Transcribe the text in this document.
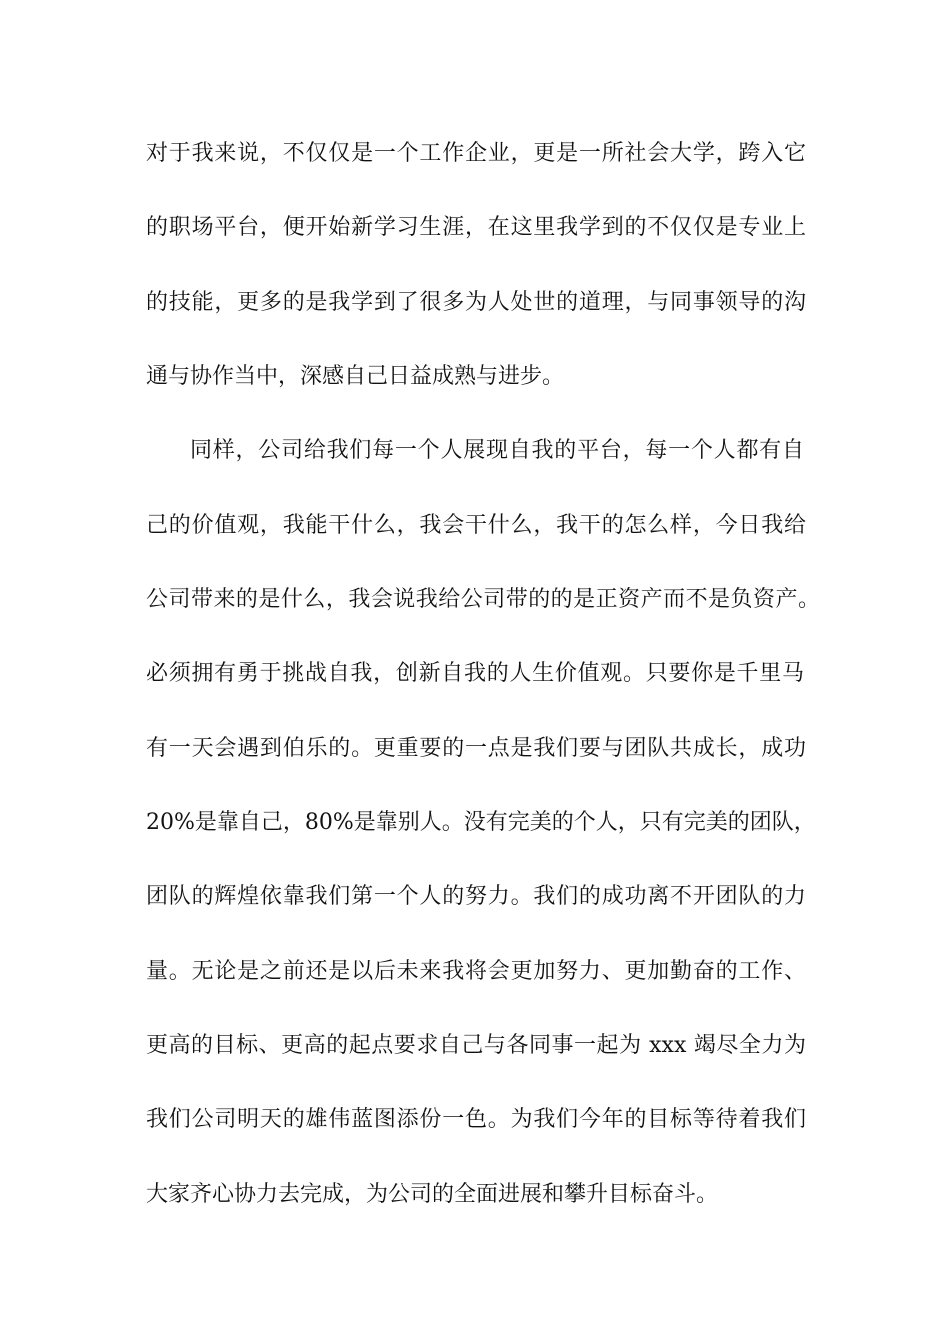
对于我来说，不仅仅是一个工作企业，更是一所社会大学，跨入它
的职场平台，便开始新学习生涯，在这里我学到的不仅仅是专业上
的技能，更多的是我学到了很多为人处世的道理，与同事领导的沟
通与协作当中，深感自己日益成熟与进步。
同样，公司给我们每一个人展现自我的平台，每一个人都有自
己的价值观，我能干什么，我会干什么，我干的怎么样，今日我给
公司带来的是什么，我会说我给公司带的的是正资产而不是负资产。
必须拥有勇于挑战自我，创新自我的人生价值观。只要你是千里马
有一天会遇到伯乐的。更重要的一点是我们要与团队共成长，成功
20%是靠自己，80%是靠别人。没有完美的个人，只有完美的团队，
团队的辉煌依靠我们第一个人的努力。我们的成功离不开团队的力
量。无论是之前还是以后未来我将会更加努力、更加勤奋的工作、
更高的目标、更高的起点要求自己与各同事一起为 xxx 竭尽全力为
我们公司明天的雄伟蓝图添份一色。为我们今年的目标等待着我们
大家齐心协力去完成，为公司的全面进展和攀升目标奋斗。
